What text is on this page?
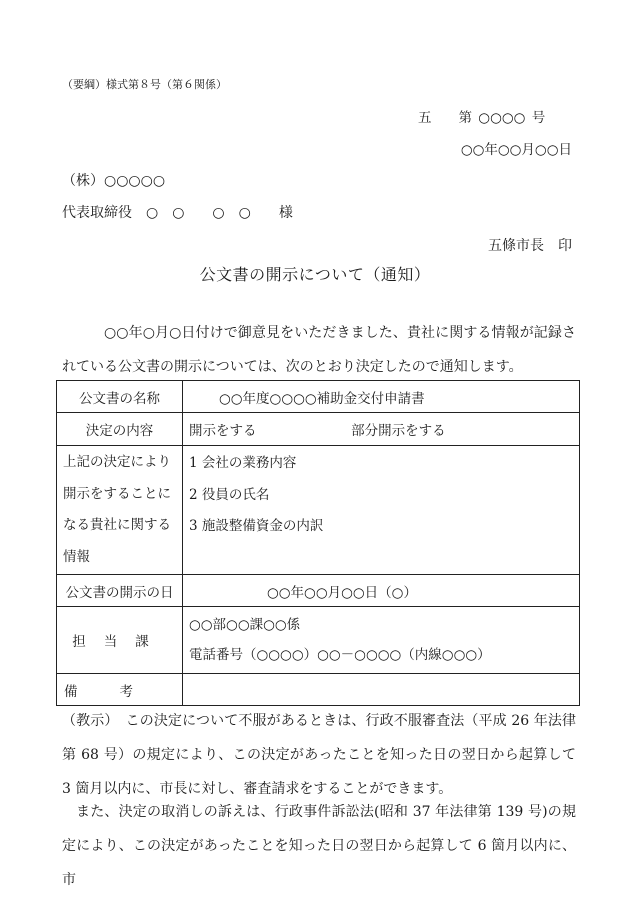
（要綱）様式第８号（第６関係）
五　　第 ○○○○ 号
○○年○○月○○日
（株）○○○○○
代表取締役　○　○　　○　○　　様
五條市長　印
公文書の開示について（通知）
○○年○月○日付けで御意見をいただきました、貴社に関する情報が記録されている公文書の開示については、次のとおり決定したので通知します。
公文書の名称	○○年度○○○○補助金交付申請書
決定の内容	開示をする 部分開示をする
上記の決定により開示をすることになる貴社に関する情報	1 会社の業務内容
2 役員の氏名
3 施設整備資金の内訳

公文書の開示の日	○○年○○月○○日（○）
担当課	○○部○○課○○係
電話番号（○○○○）○○－○○○○（内線○○○）

備考	
（教示）　この決定について不服があるときは、行政不服審査法（平成 26 年法律第 68 号）の規定により、この決定があったことを知った日の翌日から起算して 3 箇月以内に、市長に対し、審査請求をすることができます。
また、決定の取消しの訴えは、行政事件訴訟法(昭和 37 年法律第 139 号)の規定により、この決定があったことを知った日の翌日から起算して 6 箇月以内に、市
